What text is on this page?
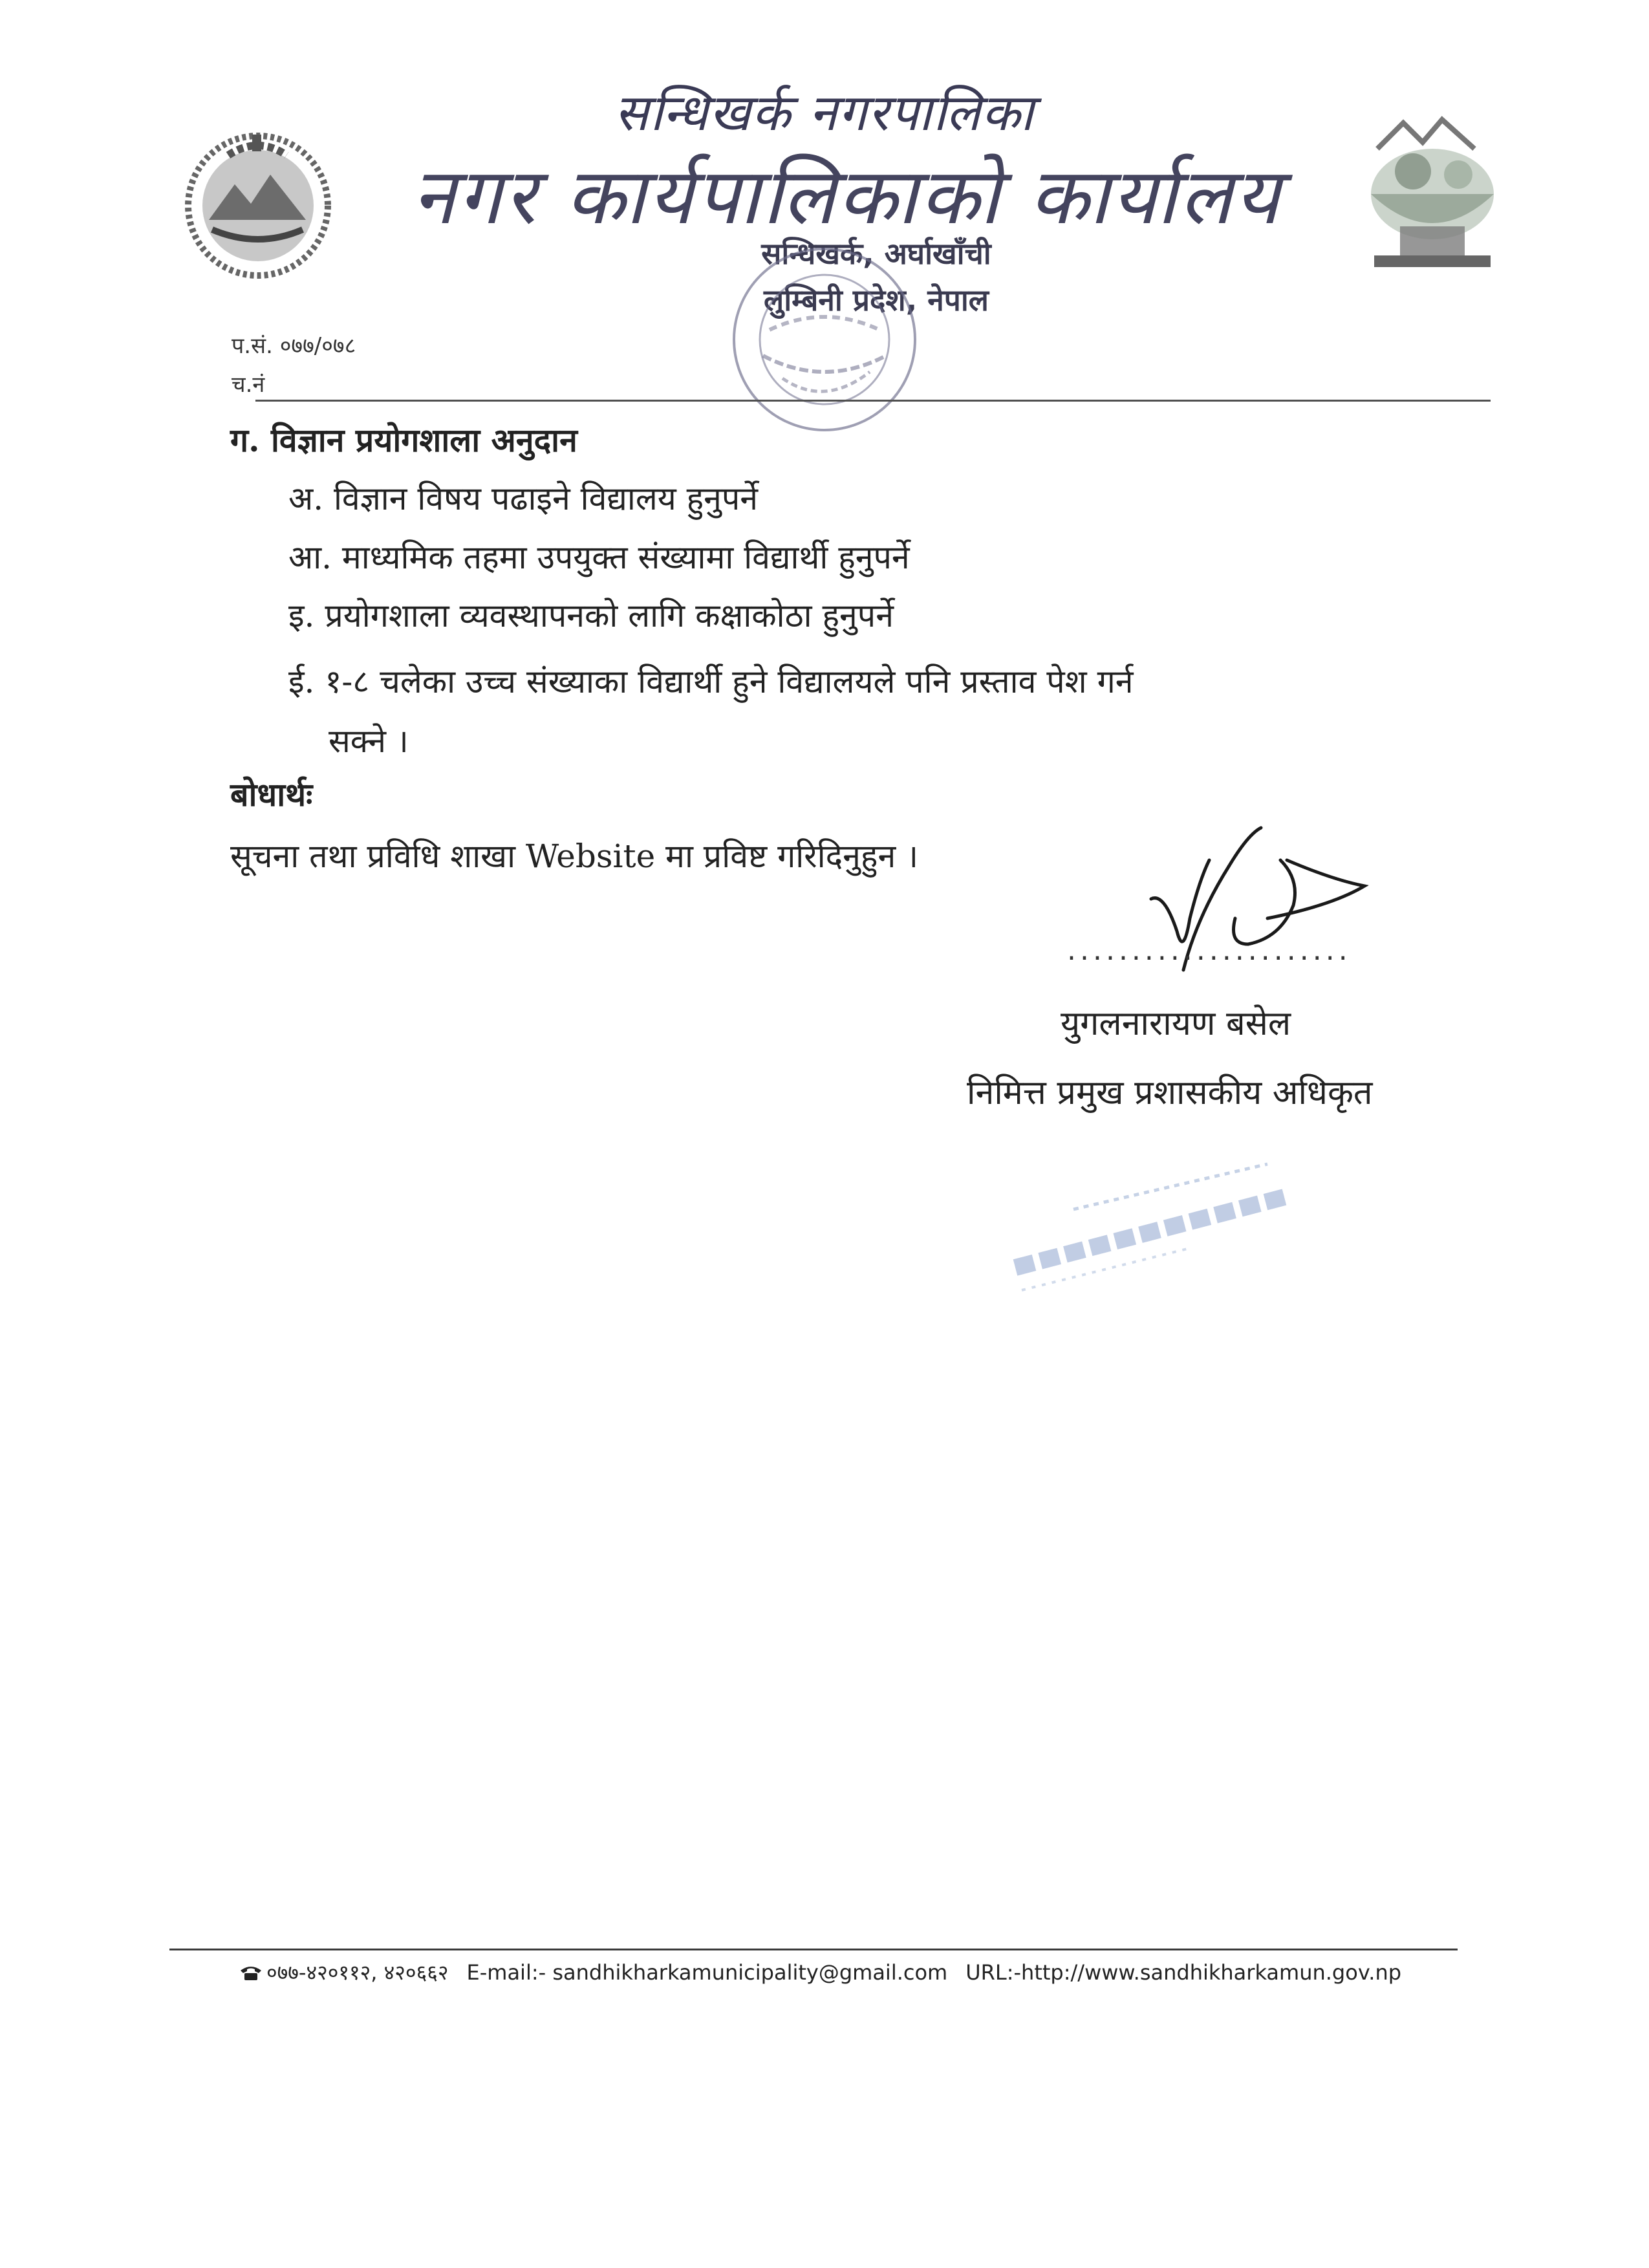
सन्धिखर्क नगरपालिका
नगर कार्यपालिकाको कार्यालय
सन्धिखर्क, अर्घाखाँची
लुम्बिनी प्रदेश, नेपाल
प.सं. ०७७/०७८
च.नं
ग. विज्ञान प्रयोगशाला अनुदान
अ. विज्ञान विषय पढाइने विद्यालय हुनुपर्ने
आ. माध्यमिक तहमा उपयुक्त संख्यामा विद्यार्थी हुनुपर्ने
इ. प्रयोगशाला व्यवस्थापनको लागि कक्षाकोठा हुनुपर्ने
ई. १-८ चलेका उच्च संख्याका विद्यार्थी हुने विद्यालयले पनि प्रस्ताव पेश गर्न
सक्ने ।
बोधार्थः
सूचना तथा प्रविधि शाखा Website मा प्रविष्ट गरिदिनुहुन ।
......................
युगलनारायण बसेल
निमित्त प्रमुख प्रशासकीय अधिकृत
०७७-४२०११२, ४२०६६२ E-mail:- sandhikharkamunicipality@gmail.com URL:-http://www.sandhikharkamun.gov.np
